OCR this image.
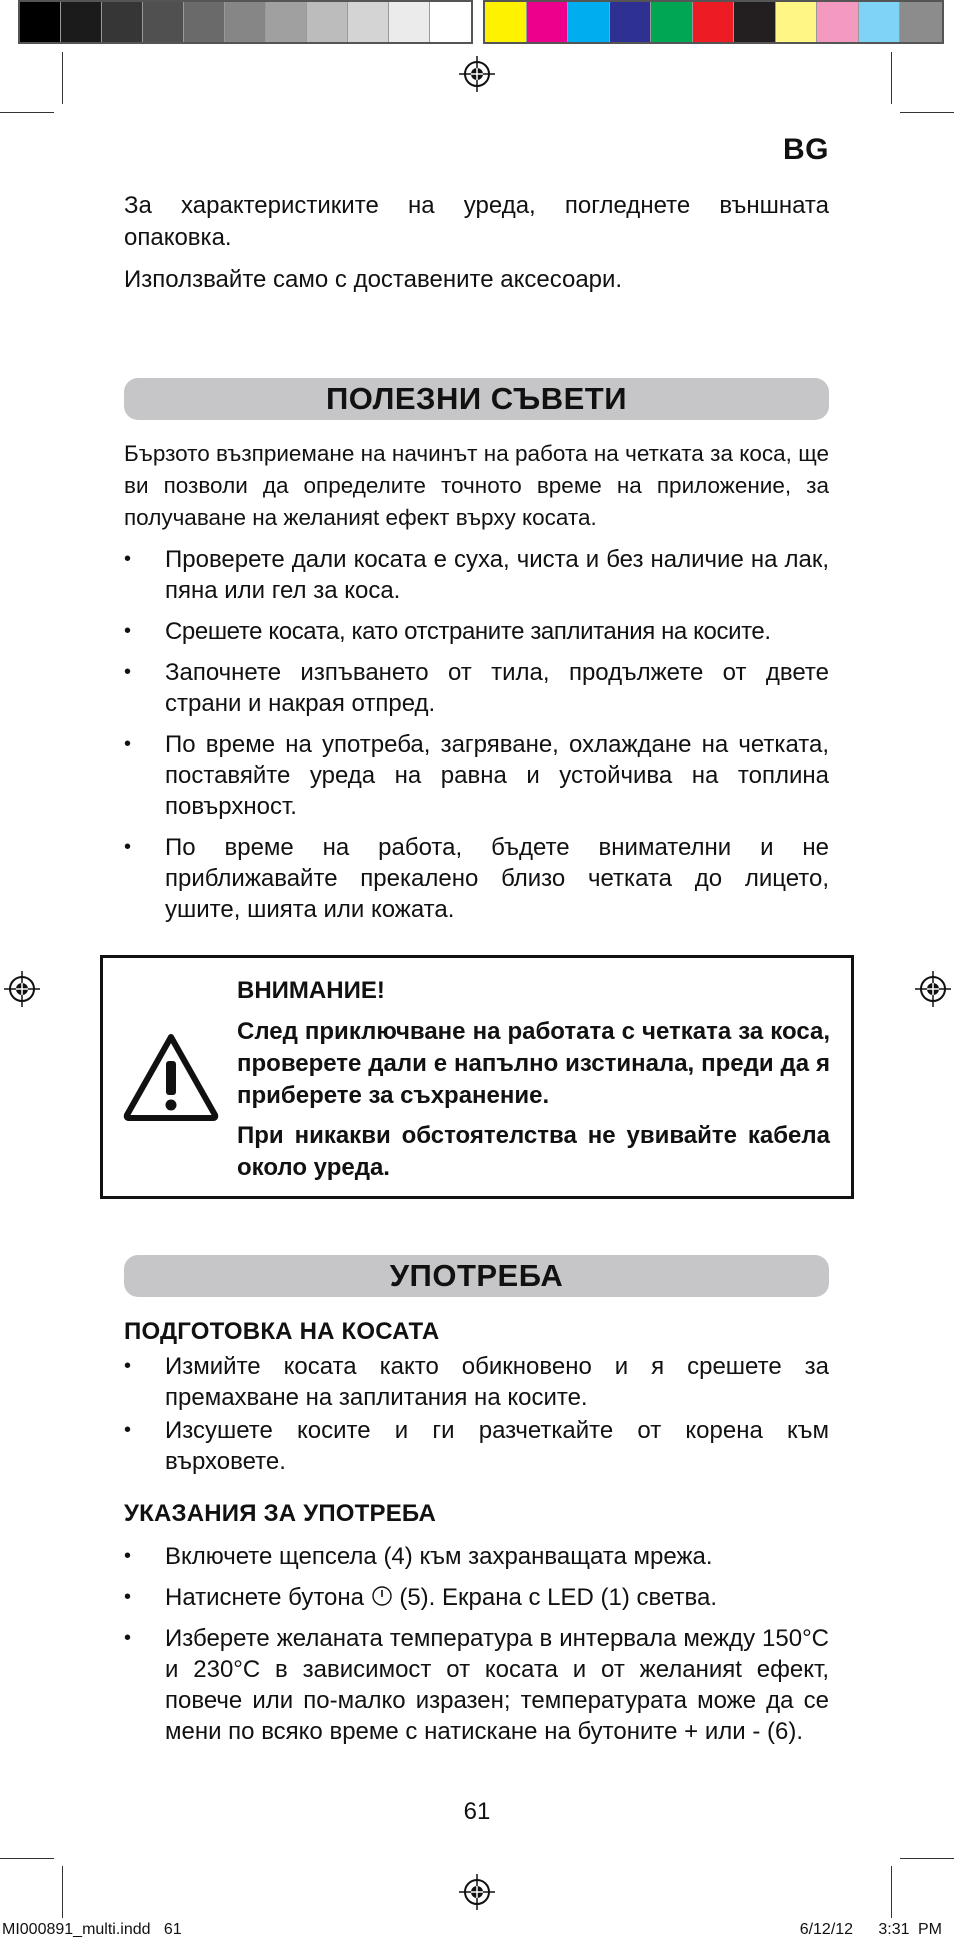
BG

За характеристиките на уреда, погледнете външната опаковка.

Използвайте само с доставените аксесоари.

ПОЛЕЗНИ СЪВЕТИ

Бързото възприемане на начинът на работа на четката за коса, ще ви позволи да определите точното време на приложение, за получаване на желанияt ефект върху косата.

• Проверете дали косата е суха, чиста и без наличие на лак, пяна или гел за коса.
• Срешете косата, като отстраните заплитания на косите.
• Започнете изпъването от тила, продължете от двете страни и накрая отпред.
• По време на употреба, загряване, охлаждане на четката, поставяйте уреда на равна и устойчива на топлина повърхност.
• По време на работа, бъдете внимателни и не приближавайте прекалено близо четката до лицето, ушите, шията или кожата.

ВНИМАНИЕ!

След приключване на работата с четката за коса, проверете дали е напълно изстинала, преди да я приберете за съхранение.

При никакви обстоятелства не увивайте кабела около уреда.

УПОТРЕБА

ПОДГОТОВКА НА КОСАТА

• Измийте косата както обикновено и я срешете за премахване на заплитания на косите.
• Изсушете косите и ги разчеткайте от корена към върховете.

УКАЗАНИЯ ЗА УПОТРЕБА

• Включете щепсела (4) към захранващата мрежа.
• Натиснете бутона  (5). Екрана с LED (1) светва.
• Изберете желаната температура в интервала между 150°C и 230°C в зависимост от косата и от желанияt ефект, повече или по-малко изразен; температурата може да се мени по всяко време с натискане на бутоните + или - (6).
61
MI000891_multi.indd   61	6/12/12   3:31 PM
